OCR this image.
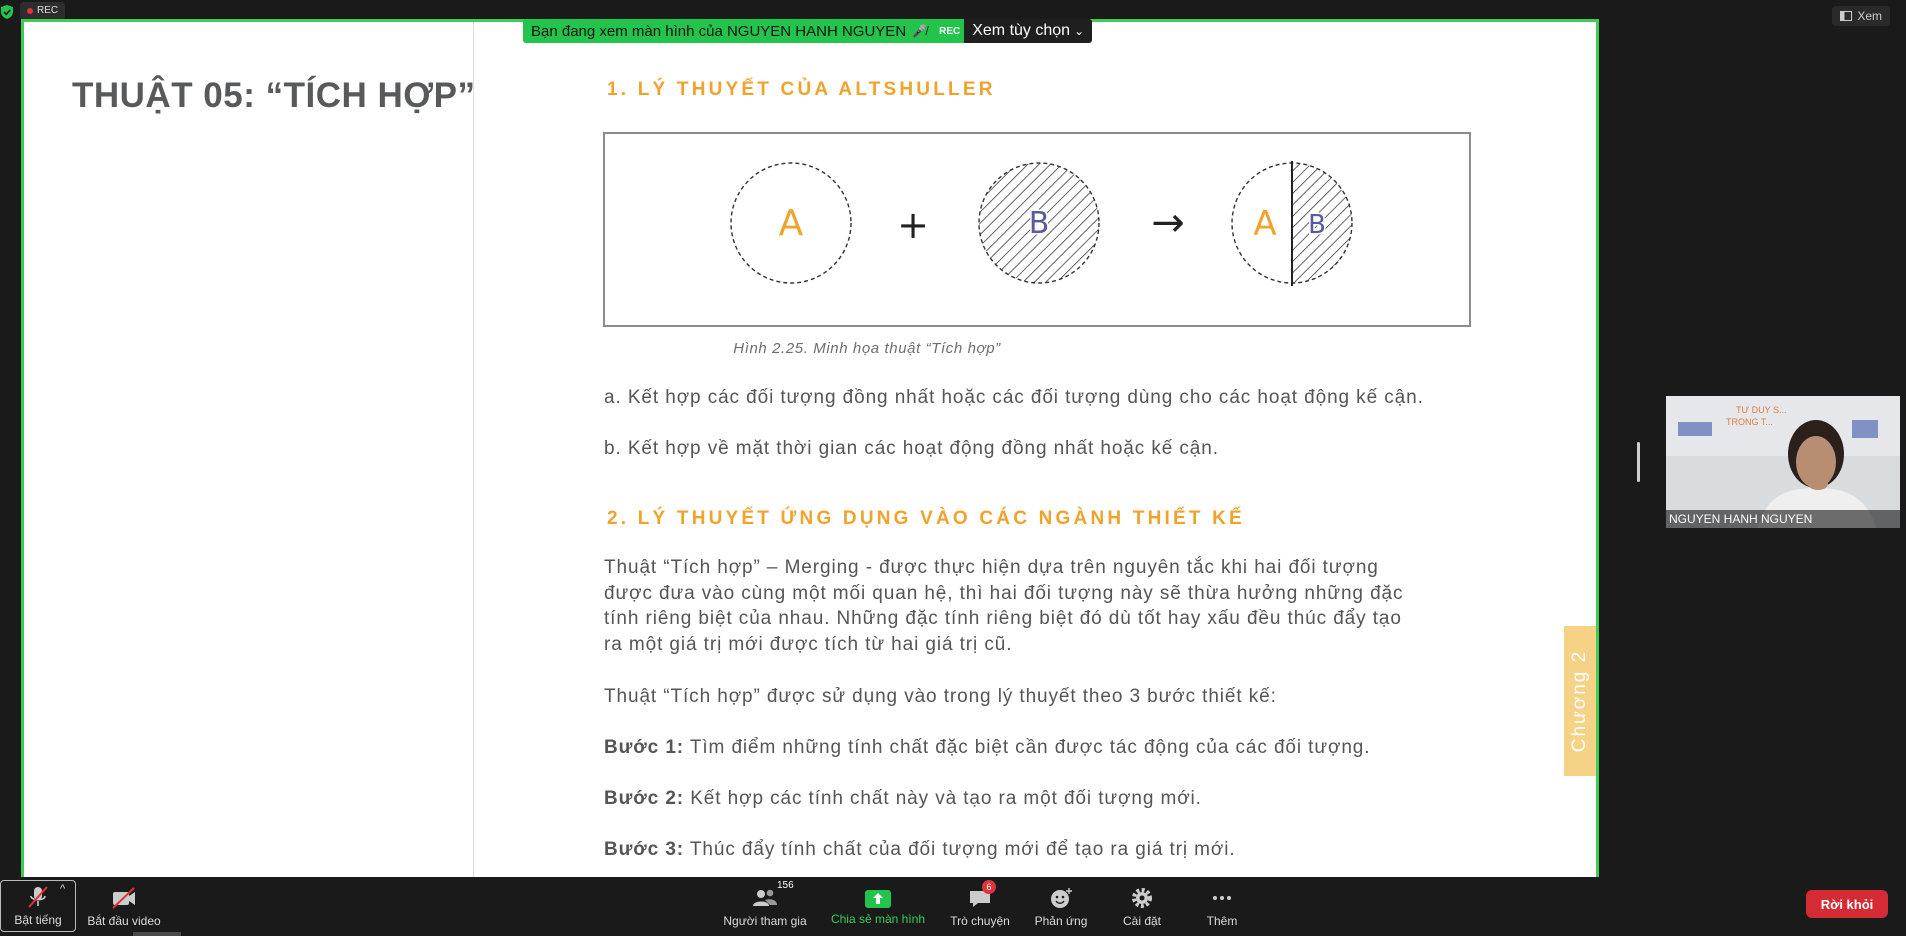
REC	Xem
Bạn đang xem màn hình của NGUYEN HANH NGUYEN 🎤̸	REC Xem tùy chọn ⌄
THUẬT 05: “TÍCH HỢP”	1. LÝ THUYẾT CỦA ALTSHULLER
A +	B	→ A B
Hình 2.25. Minh họa thuật “Tích hợp”
a. Kết hợp các đối tượng đồng nhất hoặc các đối tượng dùng cho các hoạt động kế cận.
b. Kết hợp về mặt thời gian các hoạt động đồng nhất hoặc kế cận.
2. LÝ THUYẾT ỨNG DỤNG VÀO CÁC NGÀNH THIẾT KẾ
Thuật “Tích hợp” – Merging - được thực hiện dựa trên nguyên tắc khi hai đối tượng
được đưa vào cùng một mối quan hệ, thì hai đối tượng này sẽ thừa hưởng những đặc
tính riêng biệt của nhau. Những đặc tính riêng biệt đó dù tốt hay xấu đều thúc đẩy tạo
ra một giá trị mới được tích từ hai giá trị cũ.
Thuật “Tích hợp” được sử dụng vào trong lý thuyết theo 3 bước thiết kế:
Bước 1: Tìm điểm những tính chất đặc biệt cần được tác động của các đối tượng.
Bước 2: Kết hợp các tính chất này và tạo ra một đối tượng mới.
Bước 3: Thúc đẩy tính chất của đối tượng mới để tạo ra giá trị mới.
Chương 2
TƯ DUY S...
TRONG T...
NGUYEN HANH NGUYEN
Bật tiếng
^
Bắt đầu video
156
Người tham gia Chia sẻ màn hình
6
Trò chuyện Phản ứng	Cài đặt	Thêm
Rời khỏi
